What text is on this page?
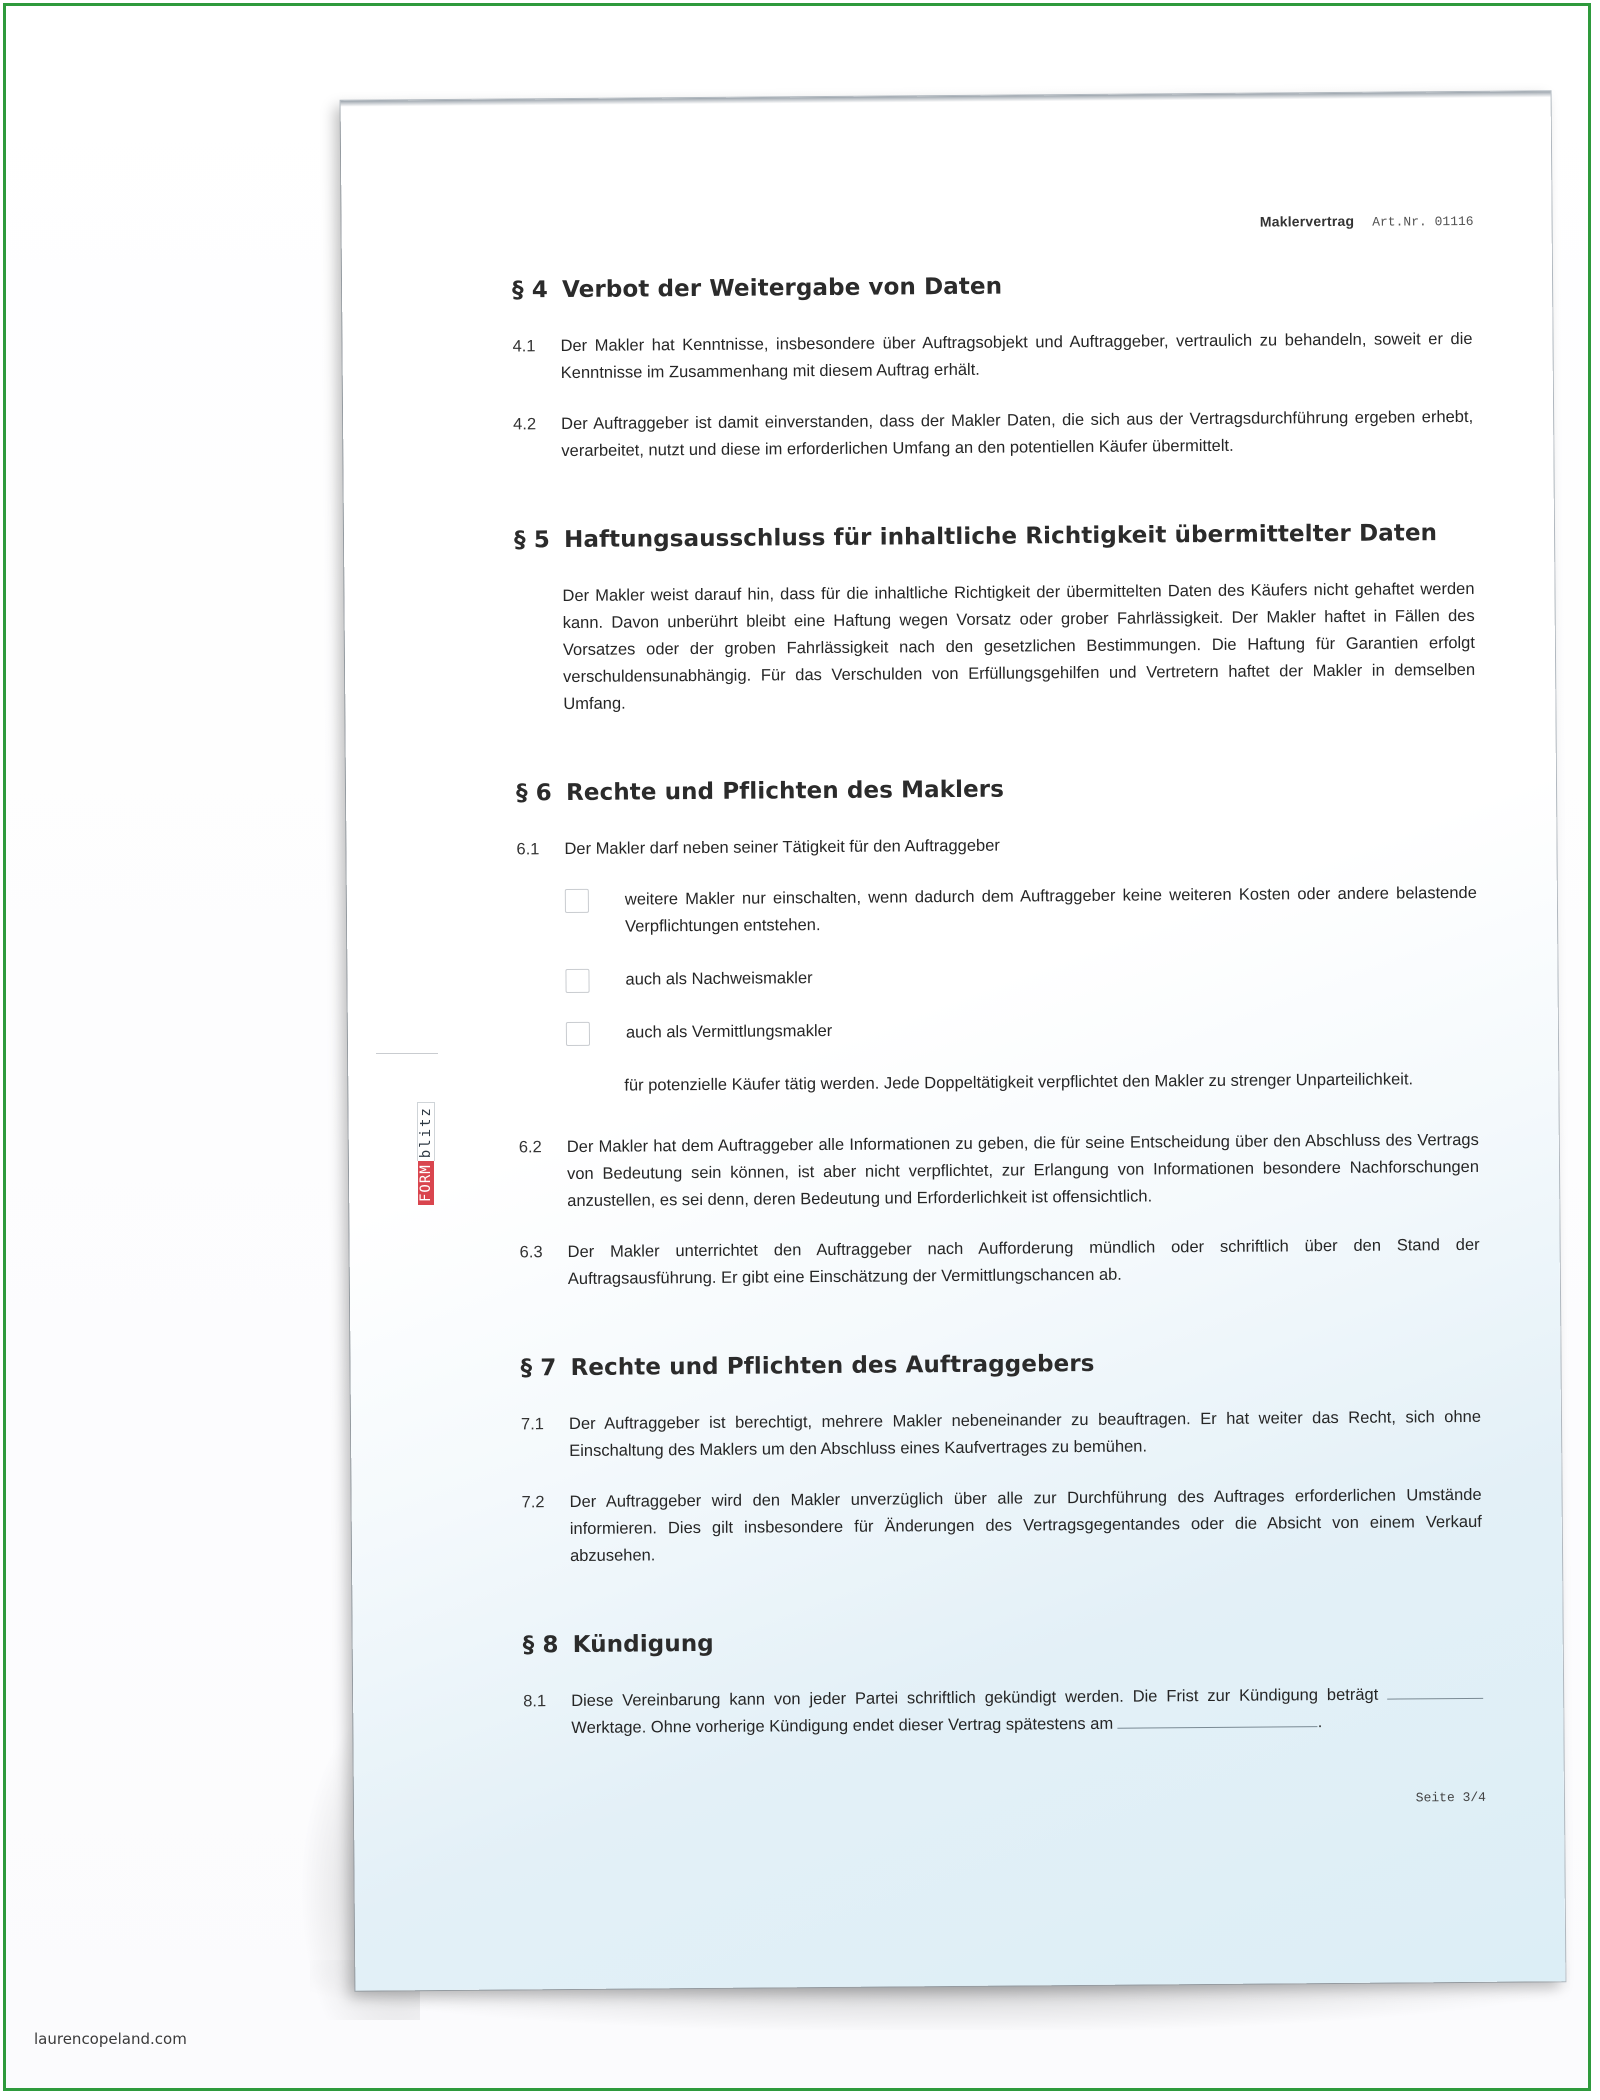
Maklervertrag Art.Nr. 01116
§ 4 Verbot der Weitergabe von Daten
4.1	Der Makler hat Kenntnisse, insbesondere über Auftragsobjekt und Auftraggeber, vertraulich zu behandeln, soweit er die Kenntnisse im Zusammenhang mit diesem Auftrag erhält.
4.2	Der Auftraggeber ist damit einverstanden, dass der Makler Daten, die sich aus der Vertragsdurchführung ergeben erhebt, verarbeitet, nutzt und diese im erforderlichen Umfang an den potentiellen Käufer übermittelt.
§ 5 Haftungsausschluss für inhaltliche Richtigkeit übermittelter Daten
Der Makler weist darauf hin, dass für die inhaltliche Richtigkeit der übermittelten Daten des Käufers nicht gehaftet werden kann. Davon unberührt bleibt eine Haftung wegen Vorsatz oder grober Fahrlässigkeit. Der Makler haftet in Fällen des Vorsatzes oder der groben Fahrlässigkeit nach den gesetzlichen Bestimmungen. Die Haftung für Garantien erfolgt verschuldensunabhängig. Für das Verschulden von Erfüllungsgehilfen und Vertretern haftet der Makler in demselben Umfang.
§ 6 Rechte und Pflichten des Maklers
6.1	Der Makler darf neben seiner Tätigkeit für den Auftraggeber
weitere Makler nur einschalten, wenn dadurch dem Auftraggeber keine weiteren Kosten oder andere belastende Verpflichtungen entstehen.
auch als Nachweismakler
auch als Vermittlungsmakler
für potenzielle Käufer tätig werden. Jede Doppeltätigkeit verpflichtet den Makler zu strenger Unparteilichkeit.
6.2	Der Makler hat dem Auftraggeber alle Informationen zu geben, die für seine Entscheidung über den Abschluss des Vertrags von Bedeutung sein können, ist aber nicht verpflichtet, zur Erlangung von Informationen besondere Nachforschungen anzustellen, es sei denn, deren Bedeutung und Erforderlichkeit ist offensichtlich.
6.3	Der Makler unterrichtet den Auftraggeber nach Aufforderung mündlich oder schriftlich über den Stand der Auftragsausführung. Er gibt eine Einschätzung der Vermittlungschancen ab.
§ 7 Rechte und Pflichten des Auftraggebers
7.1	Der Auftraggeber ist berechtigt, mehrere Makler nebeneinander zu beauftragen. Er hat weiter das Recht, sich ohne Einschaltung des Maklers um den Abschluss eines Kaufvertrages zu bemühen.
7.2	Der Auftraggeber wird den Makler unverzüglich über alle zur Durchführung des Auftrages erforderlichen Umstände informieren. Dies gilt insbesondere für Änderungen des Vertragsgegentandes oder die Absicht von einem Verkauf abzusehen.
§ 8 Kündigung
8.1	Diese Vereinbarung kann von jeder Partei schriftlich gekündigt werden. Die Frist zur Kündigung beträgt  Werktage. Ohne vorherige Kündigung endet dieser Vertrag spätestens am	.
Seite 3/4
FORMblitz
laurencopeland.com
